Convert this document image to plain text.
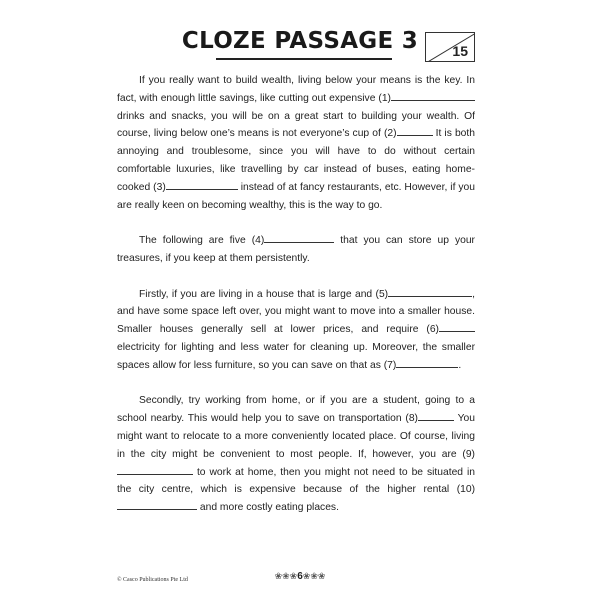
CLOZE PASSAGE 3	15

If you really want to build wealth, living below your means is the key. In fact, with enough little savings, like cutting out expensive (1) drinks and snacks, you will be on a great start to building your wealth. Of course, living below one’s means is not everyone’s cup of (2)	It is both annoying and troublesome, since you will have to do without certain comfortable luxuries, like travelling by car instead of buses, eating home-cooked (3)	instead of at fancy restaurants, etc. However, if you are really keen on becoming wealthy, this is the way to go.

The following are five (4)	that you can store up your treasures, if you keep at them persistently.

Firstly, if you are living in a house that is large and (5)	, and have some space left over, you might want to move into a smaller house. Smaller houses generally sell at lower prices, and require (6) electricity for lighting and less water for cleaning up. Moreover, the smaller spaces allow for less furniture, so you can save on that as (7)	.

Secondly, try working from home, or if you are a student, going to a school nearby. This would help you to save on transportation (8)	You might want to relocate to a more conveniently located place. Of course, living in the city might be convenient to most people. If, however, you are (9) to work at home, then you might not need to be situated in the city centre, which is expensive because of the higher rental (10) and more costly eating places.

© Casco Publications Pte Ltd	❀❀❀6❀❀❀
